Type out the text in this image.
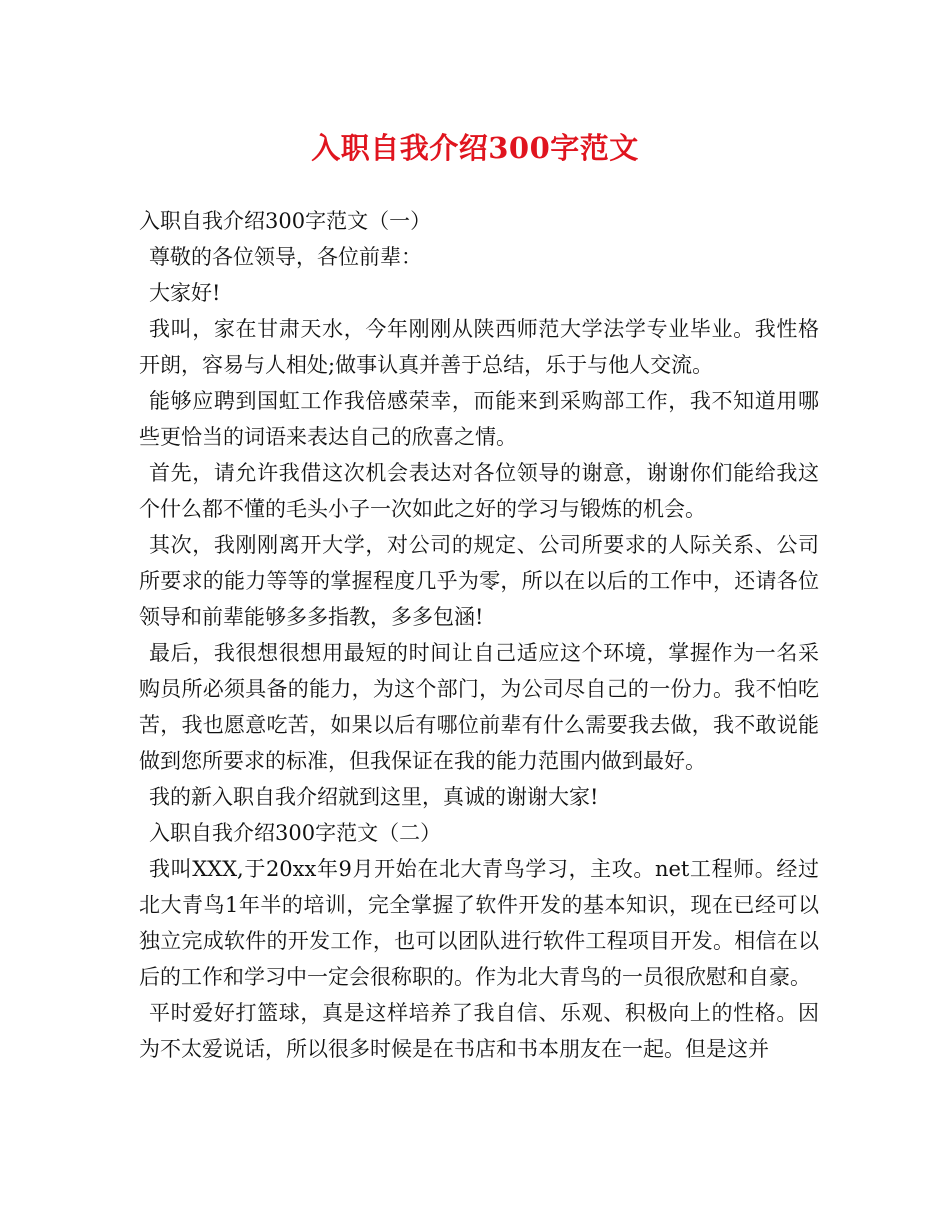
入职自我介绍300字范文

入职自我介绍300字范文（一）

尊敬的各位领导，各位前辈：

大家好!

我叫，家在甘肃天水，今年刚刚从陕西师范大学法学专业毕业。我性格开朗，容易与人相处;做事认真并善于总结，乐于与他人交流。

能够应聘到国虹工作我倍感荣幸，而能来到采购部工作，我不知道用哪些更恰当的词语来表达自己的欣喜之情。

首先，请允许我借这次机会表达对各位领导的谢意，谢谢你们能给我这个什么都不懂的毛头小子一次如此之好的学习与锻炼的机会。

其次，我刚刚离开大学，对公司的规定、公司所要求的人际关系、公司所要求的能力等等的掌握程度几乎为零，所以在以后的工作中，还请各位领导和前辈能够多多指教，多多包涵!

最后，我很想很想用最短的时间让自己适应这个环境，掌握作为一名采购员所必须具备的能力，为这个部门，为公司尽自己的一份力。我不怕吃苦，我也愿意吃苦，如果以后有哪位前辈有什么需要我去做，我不敢说能做到您所要求的标准，但我保证在我的能力范围内做到最好。

我的新入职自我介绍就到这里，真诚的谢谢大家!

入职自我介绍300字范文（二）

我叫XXX,于20xx年9月开始在北大青鸟学习，主攻。net工程师。经过北大青鸟1年半的培训，完全掌握了软件开发的基本知识，现在已经可以独立完成软件的开发工作，也可以团队进行软件工程项目开发。相信在以后的工作和学习中一定会很称职的。作为北大青鸟的一员很欣慰和自豪。

平时爱好打篮球，真是这样培养了我自信、乐观、积极向上的性格。因为不太爱说话，所以很多时候是在书店和书本朋友在一起。但是这并
